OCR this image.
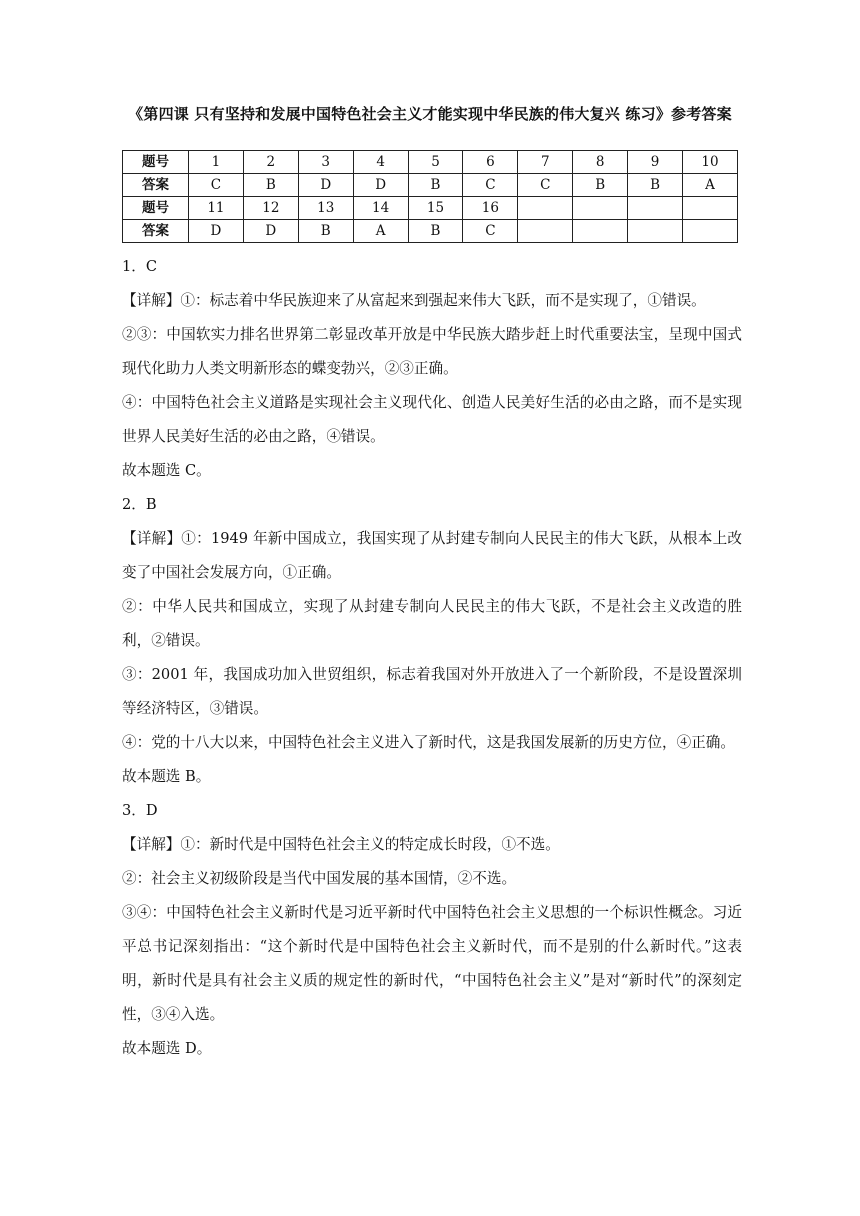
《第四课 只有坚持和发展中国特色社会主义才能实现中华民族的伟大复兴 练习》参考答案
题号	1	2	3	4	5	6	7	8	9	10
答案	C	B	D	D	B	C	C	B	B	A
题号	11	12	13	14	15	16				
答案	D	D	B	A	B	C				

1．C

【详解】①：标志着中华民族迎来了从富起来到强起来伟大飞跃，而不是实现了，①错误。

②③：中国软实力排名世界第二彰显改革开放是中华民族大踏步赶上时代重要法宝，呈现中国式现代化助力人类文明新形态的蝶变勃兴，②③正确。

④：中国特色社会主义道路是实现社会主义现代化、创造人民美好生活的必由之路，而不是实现世界人民美好生活的必由之路，④错误。

故本题选 C。

2．B

【详解】①：1949 年新中国成立，我国实现了从封建专制向人民民主的伟大飞跃，从根本上改变了中国社会发展方向，①正确。

②：中华人民共和国成立，实现了从封建专制向人民民主的伟大飞跃，不是社会主义改造的胜利，②错误。

③：2001 年，我国成功加入世贸组织，标志着我国对外开放进入了一个新阶段，不是设置深圳等经济特区，③错误。

④：党的十八大以来，中国特色社会主义进入了新时代，这是我国发展新的历史方位，④正确。

故本题选 B。

3．D

【详解】①：新时代是中国特色社会主义的特定成长时段，①不选。

②：社会主义初级阶段是当代中国发展的基本国情，②不选。

③④：中国特色社会主义新时代是习近平新时代中国特色社会主义思想的一个标识性概念。习近平总书记深刻指出：“这个新时代是中国特色社会主义新时代，而不是别的什么新时代。”这表明，新时代是具有社会主义质的规定性的新时代，“中国特色社会主义”是对“新时代”的深刻定性，③④入选。

故本题选 D。
